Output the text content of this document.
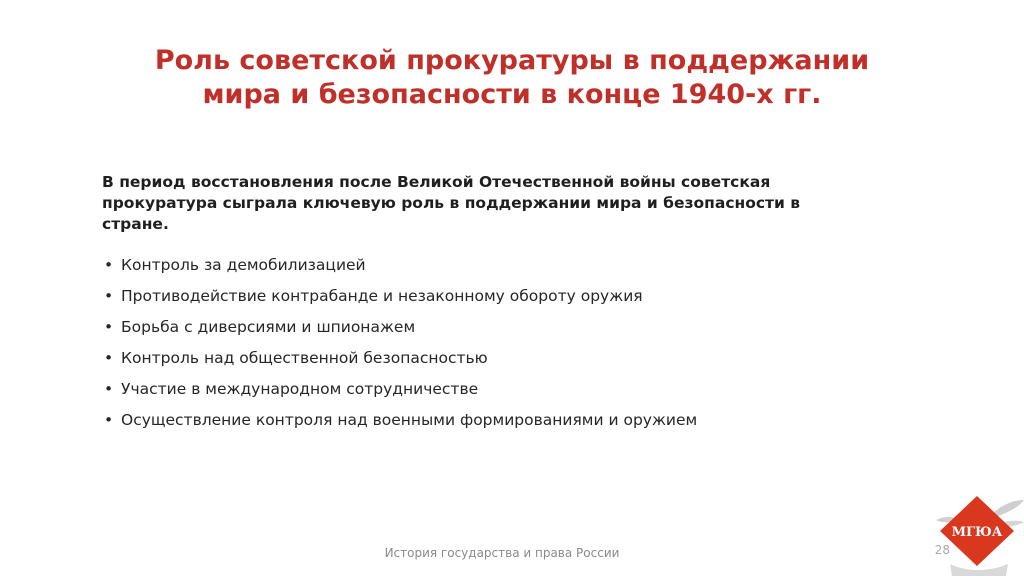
Роль советской прокуратуры в поддержании
мира и безопасности в конце 1940-х гг.

В период восстановления после Великой Отечественной войны советская
прокуратура сыграла ключевую роль в поддержании мира и безопасности в
стране.

• Контроль за демобилизацией
• Противодействие контрабанде и незаконному обороту оружия
• Борьба с диверсиями и шпионажем
• Контроль над общественной безопасностью
• Участие в международном сотрудничестве
• Осуществление контроля над военными формированиями и оружием
История государства и права России	28
МГЮА
